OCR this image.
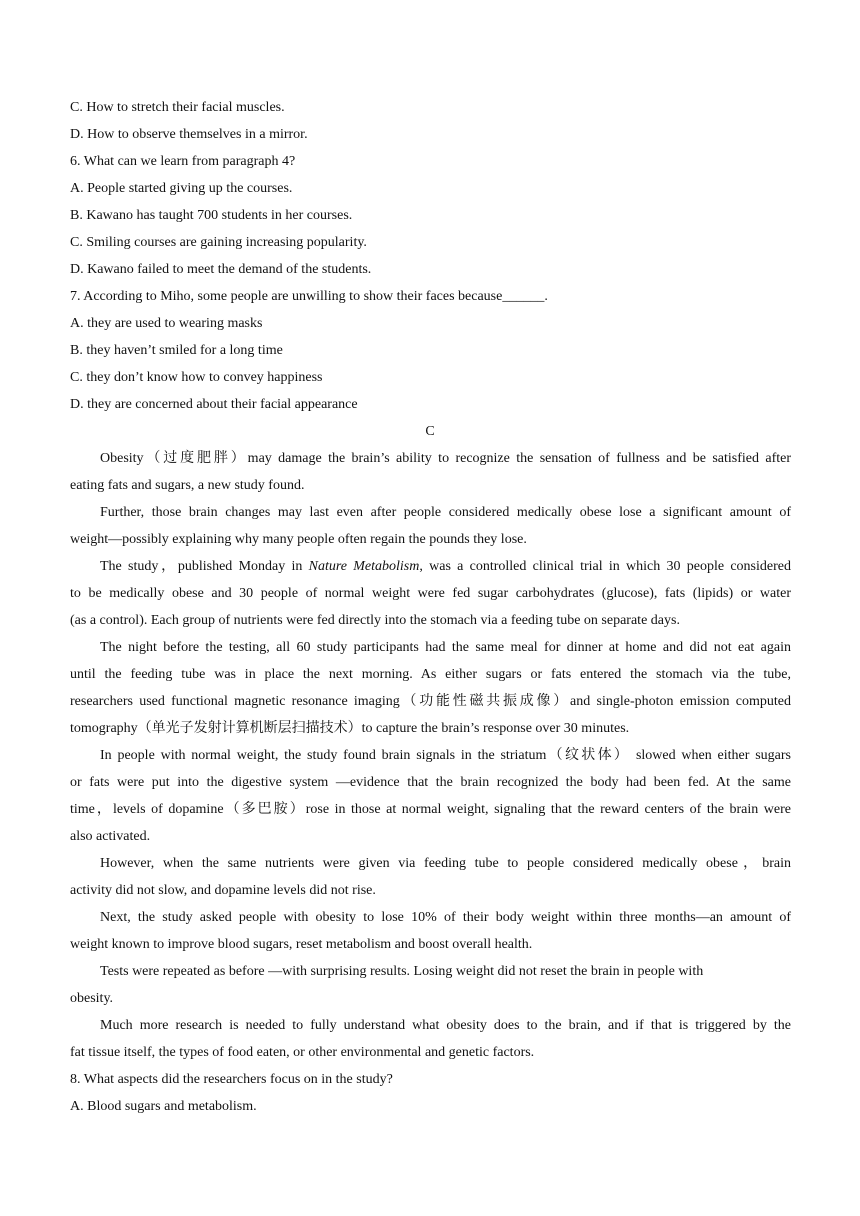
C. How to stretch their facial muscles.
D. How to observe themselves in a mirror.
6. What can we learn from paragraph 4?
A. People started giving up the courses.
B. Kawano has taught 700 students in her courses.
C. Smiling courses are gaining increasing popularity.
D. Kawano failed to meet the demand of the students.
7. According to Miho, some people are unwilling to show their faces because______.
A. they are used to wearing masks
B. they haven’t smiled for a long time
C. they don’t know how to convey happiness
D. they are concerned about their facial appearance
C
Obesity（过度肥胖）may damage the brain’s ability to recognize the sensation of fullness and be satisfied after
eating fats and sugars, a new study found.
Further, those brain changes may last even after people considered medically obese lose a significant amount of
weight—possibly explaining why many people often regain the pounds they lose.
The study，published Monday in Nature Metabolism, was a controlled clinical trial in which 30 people considered
to be medically obese and 30 people of normal weight were fed sugar carbohydrates (glucose), fats (lipids) or water
(as a control). Each group of nutrients were fed directly into the stomach via a feeding tube on separate days.
The night before the testing, all 60 study participants had the same meal for dinner at home and did not eat again
until the feeding tube was in place the next morning. As either sugars or fats entered the stomach via the tube,
researchers used functional magnetic resonance imaging（功能性磁共振成像）and single-photon emission computed
tomography（单光子发射计算机断层扫描技术）to capture the brain’s response over 30 minutes.
In people with normal weight, the study found brain signals in the striatum（纹状体） slowed when either sugars
or fats were put into the digestive system —evidence that the brain recognized the body had been fed. At the same
time，levels of dopamine（多巴胺）rose in those at normal weight, signaling that the reward centers of the brain were
also activated.
However, when the same nutrients were given via feeding tube to people considered medically obese，brain
activity did not slow, and dopamine levels did not rise.
Next, the study asked people with obesity to lose 10% of their body weight within three months—an amount of
weight known to improve blood sugars, reset metabolism and boost overall health.
Tests were repeated as before —with surprising results. Losing weight did not reset the brain in people with
obesity.
Much more research is needed to fully understand what obesity does to the brain, and if that is triggered by the
fat tissue itself, the types of food eaten, or other environmental and genetic factors.
8. What aspects did the researchers focus on in the study?
A. Blood sugars and metabolism.
